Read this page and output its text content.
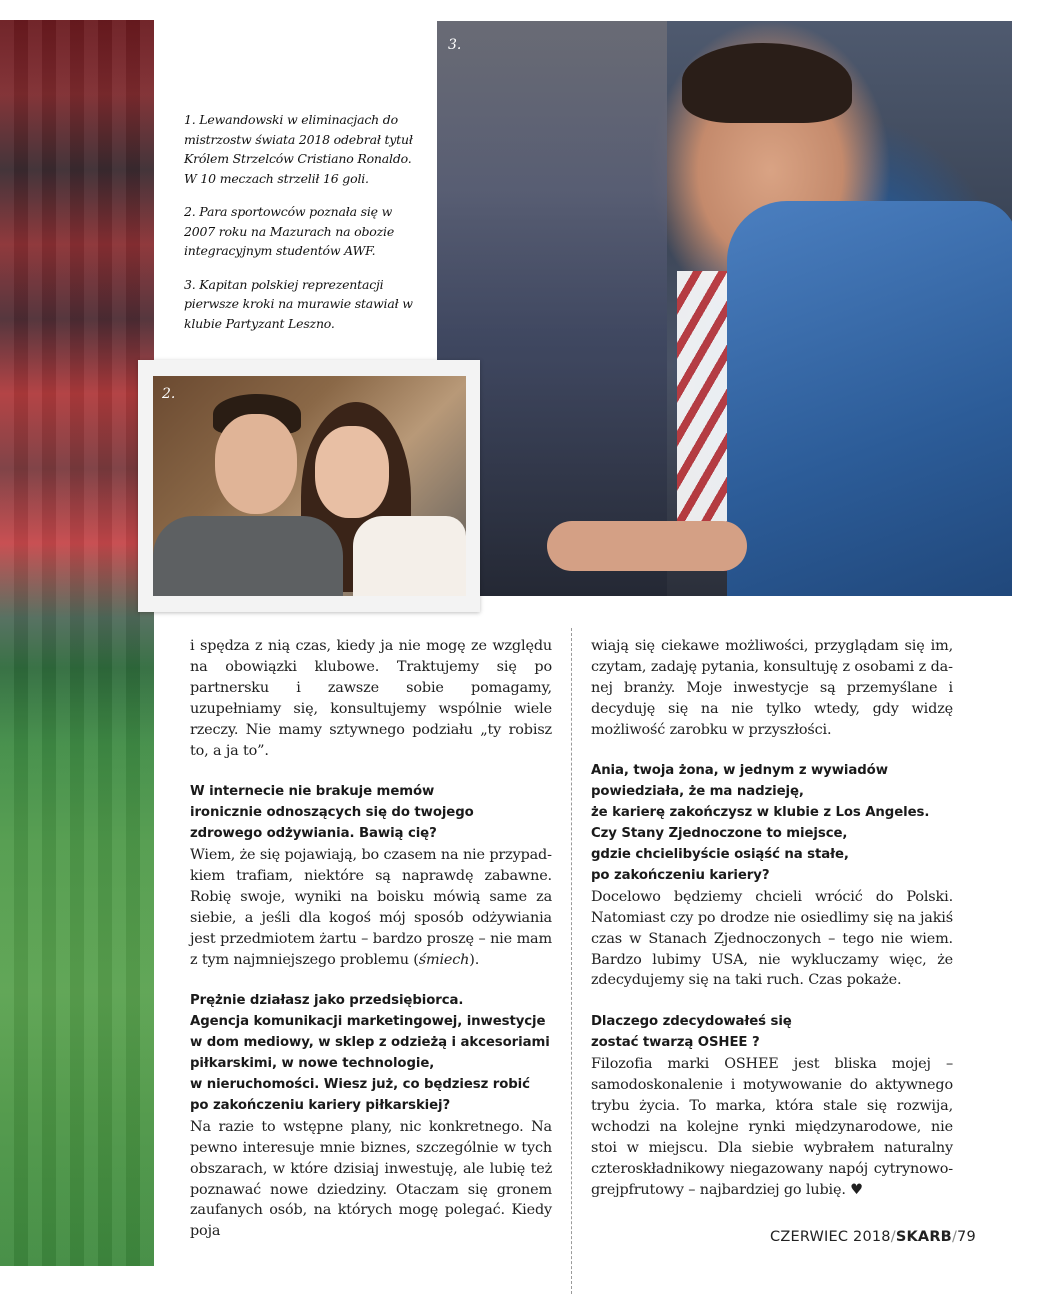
1. Lewandowski w eliminacjach do mistrzostw świata 2018 odebrał tytuł Królem Strzelców Cristiano Ronaldo. W 10 meczach strzelił 16 goli.

2. Para sportowców poznała się w 2007 roku na Mazurach na obozie integracyjnym studentów AWF.

3. Kapitan polskiej reprezentacji pierwsze kroki na murawie stawiał w klubie Partyzant Leszno.

3.
2.

i spędza z nią czas, kiedy ja nie mogę ze względu na obowiązki klubowe. Traktujemy się po partnersku i zawsze sobie pomagamy, uzupełniamy się, konsultujemy wspólnie wiele rzeczy. Nie mamy sztywnego podziału „ty robisz to, a ja to”.

W internecie nie brakuje memów
ironicznie odnoszących się do twojego
zdrowego odżywiania. Bawią cię?

Wiem, że się pojawiają, bo czasem na nie przypadkiem trafiam, niektóre są naprawdę zabawne. Robię swoje, wyniki na boisku mówią same za siebie, a jeśli dla kogoś mój sposób odżywiania jest przedmiotem żartu – bardzo proszę – nie mam z tym najmniejszego problemu (śmiech).

Prężnie działasz jako przedsiębiorca.
Agencja komunikacji marketingowej, inwestycje
w dom mediowy, w sklep z odzieżą i akcesoriami
piłkarskimi, w nowe technologie,
w nieruchomości. Wiesz już, co będziesz robić
po zakończeniu kariery piłkarskiej?

Na razie to wstępne plany, nic konkretnego. Na pewno interesuje mnie biznes, szczególnie w tych obszarach, w które dzisiaj inwestuję, ale lubię też poznawać nowe dziedziny. Otaczam się gronem zaufanych osób, na których mogę polegać. Kiedy poja

wiają się ciekawe możliwości, przyglądam się im, czytam, zadaję pytania, konsultuję z osobami z danej branży. Moje inwestycje są przemyślane i decyduję się na nie tylko wtedy, gdy widzę możliwość zarobku w przyszłości.

Ania, twoja żona, w jednym z wywiadów
powiedziała, że ma nadzieję,
że karierę zakończysz w klubie z Los Angeles.
Czy Stany Zjednoczone to miejsce,
gdzie chcielibyście osiąść na stałe,
po zakończeniu kariery?

Docelowo będziemy chcieli wrócić do Polski. Natomiast czy po drodze nie osiedlimy się na jakiś czas w Stanach Zjednoczonych – tego nie wiem. Bardzo lubimy USA, nie wykluczamy więc, że zdecydujemy się na taki ruch. Czas pokaże.

Dlaczego zdecydowałeś się
zostać twarzą OSHEE ?

Filozofia marki OSHEE jest bliska mojej – samodoskonalenie i motywowanie do aktywnego trybu życia. To marka, która stale się rozwija, wchodzi na kolejne rynki międzynarodowe, nie stoi w miejscu. Dla siebie wybrałem naturalny czteroskładnikowy niegazowany napój cytrynowo-grejpfrutowy – najbardziej go lubię. ♥

CZERWIEC 2018/SKARB/79
